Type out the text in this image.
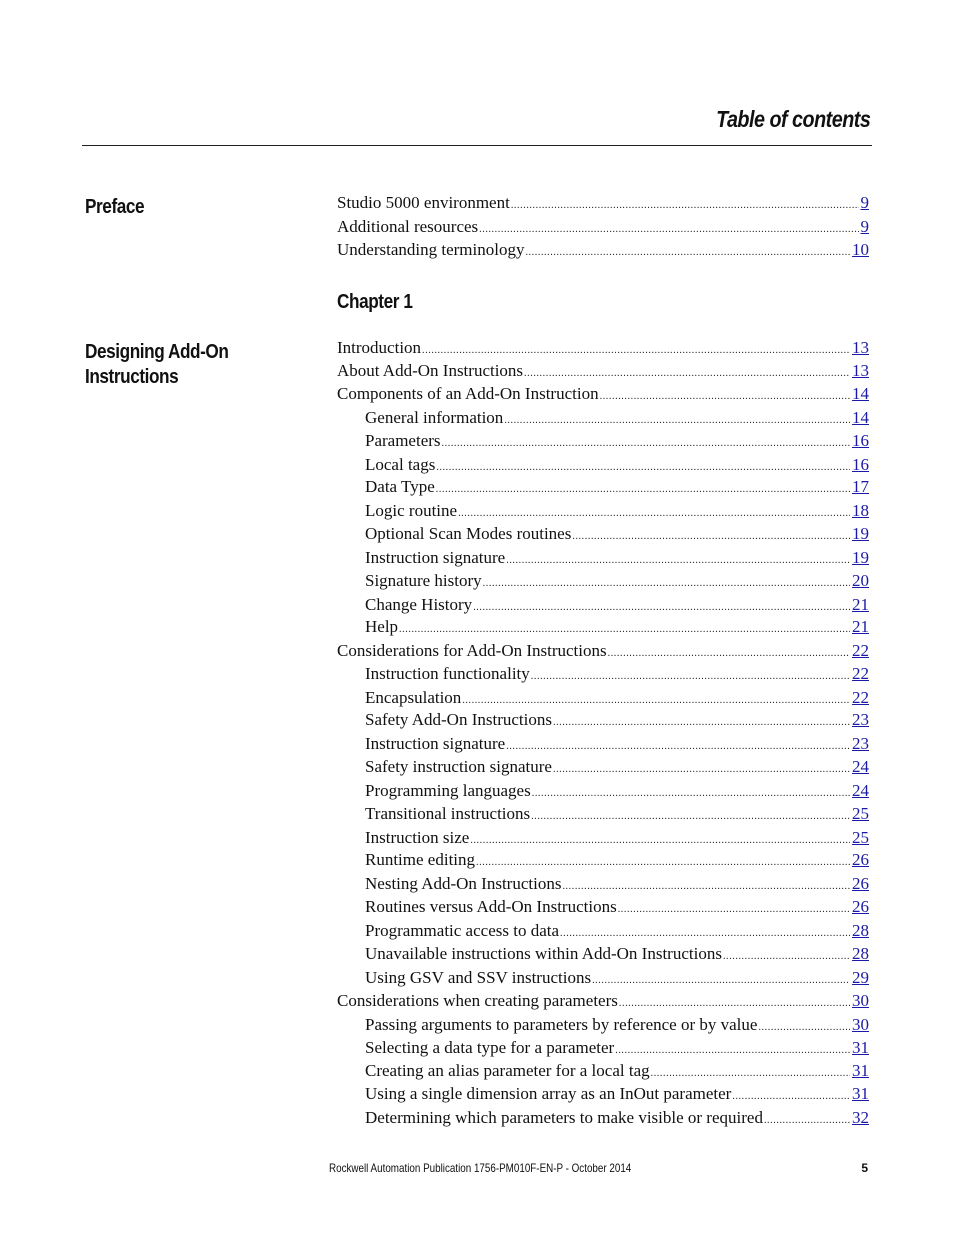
Table of contents
Preface	Studio 5000 environment .....	9
Additional resources .....	9
Understanding terminology .....	10
Chapter 1
Designing Add-On
Instructions
Introduction .....	13
About Add-On Instructions .....	13
Components of an Add-On Instruction .....	14
General information .....	14
Parameters .....	16
Local tags .....	16
Data Type .....	17
Logic routine .....	18
Optional Scan Modes routines .....	19
Instruction signature .....	19
Signature history .....	20
Change History .....	21
Help .....	21
Considerations for Add-On Instructions .....	22
Instruction functionality .....	22
Encapsulation .....	22
Safety Add-On Instructions .....	23
Instruction signature .....	23
Safety instruction signature .....	24
Programming languages .....	24
Transitional instructions .....	25
Instruction size .....	25
Runtime editing .....	26
Nesting Add-On Instructions .....	26
Routines versus Add-On Instructions .....	26
Programmatic access to data .....	28
Unavailable instructions within Add-On Instructions .....	28
Using GSV and SSV instructions .....	29
Considerations when creating parameters .....	30
Passing arguments to parameters by reference or by value .....	30
Selecting a data type for a parameter .....	31
Creating an alias parameter for a local tag .....	31
Using a single dimension array as an InOut parameter .....	31
Determining which parameters to make visible or required .....	32

Rockwell Automation Publication 1756-PM010F-EN-P - October 2014	5
